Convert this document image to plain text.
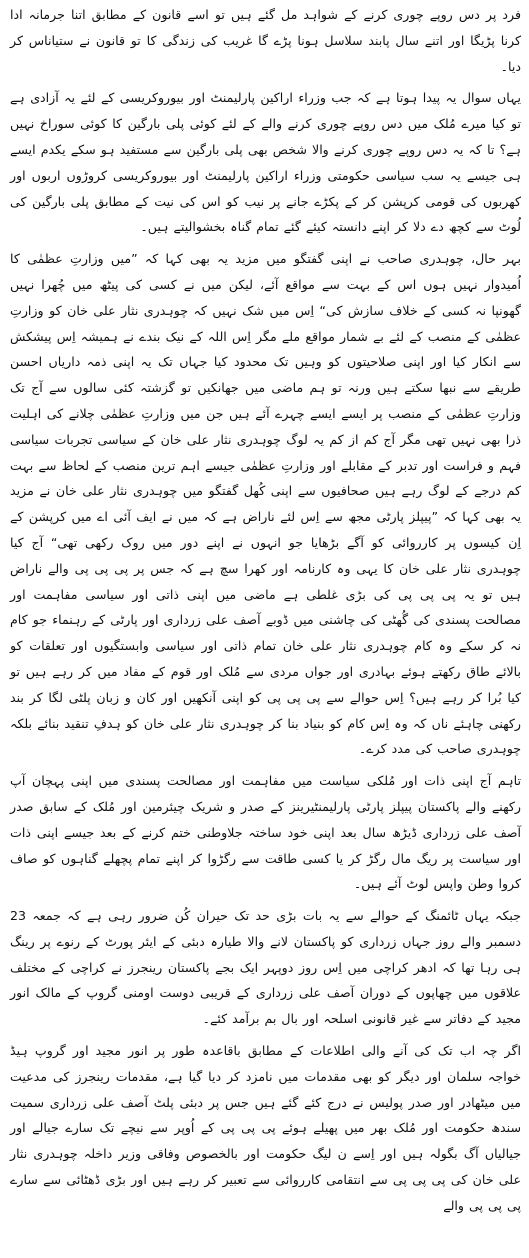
فرد پر دس روپے چوری کرنے کے شواہد مل گئے ہیں تو اسے قانون کے مطابق اتنا جرمانہ ادا کرنا پڑیگا اور اتنے سال پابند سلاسل ہونا پڑے گا غریب کی زندگی کا تو قانون نے ستیاناس کر دیا۔

یہاں سوال یہ پیدا ہوتا ہے کہ جب وزراء اراکین پارلیمنٹ اور بیوروکریسی کے لئے یہ آزادی ہے تو کیا میرے مُلک میں دس روپے چوری کرنے والے کے لئے کوئی پلی بارگین کا کوئی سوراخ نہیں ہے؟ تا کہ یہ دس روپے چوری کرنے والا شخص بھی پلی بارگین سے مستفید ہو سکے یکدم ایسے ہی جیسے یہ سب سیاسی حکومتی وزراء اراکین پارلیمنٹ اور بیوروکریسی کروڑوں اربوں اور کھربوں کی قومی کرپشن کر کے پکڑے جانے پر نیب کو اس کی نیت کے مطابق پلی بارگین کی لُوٹ سے کچھ دے دلا کر اپنے دانستہ کیئے گئے تمام گناہ بخشوالیتے ہیں۔

بہر حال، چوہدری صاحب نے اپنی گفتگو میں مزید یہ بھی کہا کہ ”میں وزارتِ عظمٰی کا اُمیدوار نہیں ہوں اس کے بہت سے مواقع آئے، لیکن میں نے کسی کی پیٹھ میں چُھرا نہیں گھونپا نہ کسی کے خلاف سازش کی“ اِس میں شک نہیں کہ چوہدری نثار علی خان کو وزارتِ عظمٰی کے منصب کے لئے بے شمار مواقع ملے مگر اِس اللہ کے نیک بندے نے ہمیشہ اِس پیشکش سے انکار کیا اور اپنی صلاحیتوں کو وہیں تک محدود کیا جہاں تک یہ اپنی ذمہ داریاں احسن طریقے سے نبھا سکتے ہیں ورنہ تو ہم ماضی میں جھانکیں تو گزشتہ کئی سالوں سے آج تک وزارتِ عظمٰی کے منصب پر ایسے ایسے چہرے آئے ہیں جن میں وزارتِ عظمٰی چلانے کی اہلیت ذرا بھی نہیں تھی مگر آج کم از کم یہ لوگ چوہدری نثار علی خان کے سیاسی تجربات سیاسی فہم و فراست اور تدبر کے مقابلے اور وزارتِ عظمٰی جیسے اہم ترین منصب کے لحاظ سے بہت کم درجے کے لوگ رہے ہیں صحافیوں سے اپنی کُھل گفتگو میں چوہدری نثار علی خان نے مزید یہ بھی کہا کہ ”پیپلز پارٹی مجھ سے اِس لئے ناراض ہے کہ میں نے ایف آئی اے میں کرپشن کے اِن کیسوں پر کارروائی کو آگے بڑھایا جو انہوں نے اپنے دور میں روک رکھی تھی“ آج کیا چوہدری نثار علی خان کا یہی وہ کارنامہ اور کھرا سچ ہے کہ جس پر پی پی پی والے ناراض ہیں تو یہ پی پی پی کی بڑی غلطی ہے ماضی میں اپنی ذاتی اور سیاسی مفاہمت اور مصالحت پسندی کی گُھٹی کی چاشنی میں ڈوبے آصف علی زرداری اور پارٹی کے رہنماء جو کام نہ کر سکے وہ کام چوہدری نثار علی خان تمام ذاتی اور سیاسی وابستگیوں اور تعلقات کو بالائے طاق رکھتے ہوئے بہادری اور جواں مردی سے مُلک اور قوم کے مفاد میں کر رہے ہیں تو کیا بُرا کر رہے ہیں؟ اِس حوالے سے پی پی پی کو اپنی آنکھیں اور کان و زبان پلٹی لگا کر بند رکھنی چاہئے ناں کہ وہ اِس کام کو بنیاد بنا کر چوہدری نثار علی خان کو ہدفِ تنقید بنائے بلکہ چوہدری صاحب کی مدد کرے۔

تاہم آج اپنی ذات اور مُلکی سیاست میں مفاہمت اور مصالحت پسندی میں اپنی پہچان آپ رکھنے والے پاکستان پیپلز پارٹی پارلیمنٹیرینز کے صدر و شریک چیئرمین اور مُلک کے سابق صدر آصف علی زرداری ڈیڑھ سال بعد اپنی خود ساختہ جلاوطنی ختم کرنے کے بعد جیسے اپنی ذات اور سیاست پر ریگ مال رگڑ کر یا کسی طاقت سے رگڑوا کر اپنے تمام پچھلے گناہوں کو صاف کروا وطن واپس لوٹ آئے ہیں۔

جبکہ یہاں ٹائمنگ کے حوالے سے یہ بات بڑی حد تک حیران کُن ضرور رہی ہے کہ جمعہ 23 دسمبر والے روز جہاں زرداری کو پاکستان لانے والا طیارہ دبئی کے ایئر پورٹ کے رنوے پر رینگ ہی رہا تھا کہ ادھر کراچی میں اِس روز دوپہر ایک بجے پاکستان رینجرز نے کراچی کے مختلف علاقوں میں چھاپوں کے دوران آصف علی زرداری کے قریبی دوست اومنی گروپ کے مالک انور مجید کے دفاتر سے غیر قانونی اسلحہ اور بال بم برآمد کئے۔

اگر چہ اب تک کی آنے والی اطلاعات کے مطابق باقاعدہ طور پر انور مجید اور گروپ ہیڈ خواجہ سلمان اور دیگر کو بھی مقدمات میں نامزد کر دیا گیا ہے، مقدمات رینجرز کی مدعیت میں میٹھادر اور صدر پولیس نے درج کئے گئے ہیں جس پر دبئی پلٹ آصف علی زرداری سمیت سندھ حکومت اور مُلک بھر میں پھیلے ہوئے پی پی پی کے اُوپر سے نیچے تک سارے جیالے اور جیالیاں آگ بگولہ ہیں اور اِسے ن لیگ حکومت اور بالخصوص وفاقی وزیر داخلہ چوہدری نثار علی خان کی پی پی پی سے انتقامی کارروائی سے تعبیر کر رہے ہیں اور بڑی ڈھٹائی سے سارے پی پی پی والے
